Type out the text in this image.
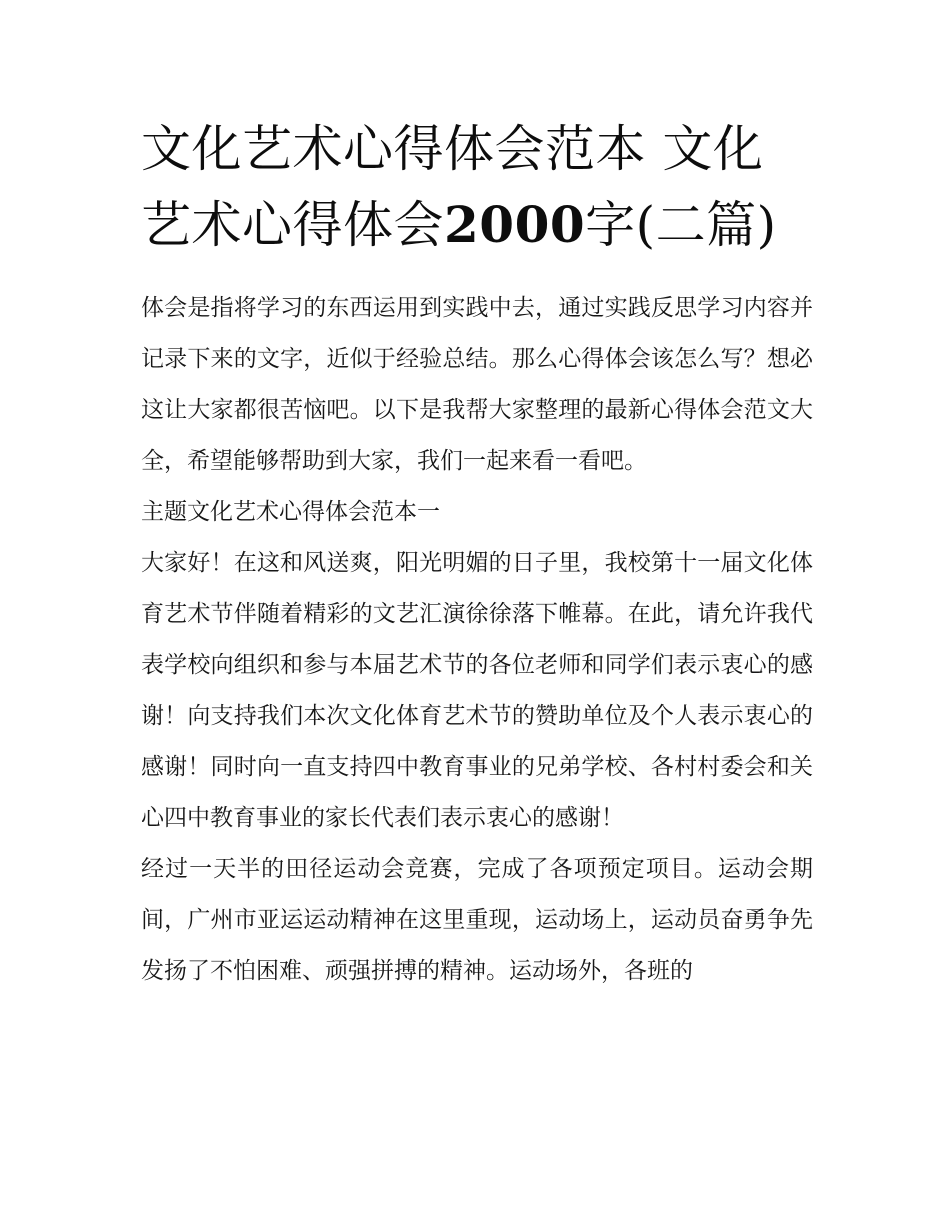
文化艺术心得体会范本 文化艺术心得体会2000字(二篇)

体会是指将学习的东西运用到实践中去，通过实践反思学习内容并记录下来的文字，近似于经验总结。那么心得体会该怎么写？想必这让大家都很苦恼吧。以下是我帮大家整理的最新心得体会范文大全，希望能够帮助到大家，我们一起来看一看吧。

主题文化艺术心得体会范本一

大家好！在这和风送爽，阳光明媚的日子里，我校第十一届文化体育艺术节伴随着精彩的文艺汇演徐徐落下帷幕。在此，请允许我代表学校向组织和参与本届艺术节的各位老师和同学们表示衷心的感谢！向支持我们本次文化体育艺术节的赞助单位及个人表示衷心的感谢！同时向一直支持四中教育事业的兄弟学校、各村村委会和关心四中教育事业的家长代表们表示衷心的感谢！

经过一天半的田径运动会竞赛，完成了各项预定项目。运动会期间，广州市亚运运动精神在这里重现，运动场上，运动员奋勇争先发扬了不怕困难、顽强拼搏的精神。运动场外，各班的
